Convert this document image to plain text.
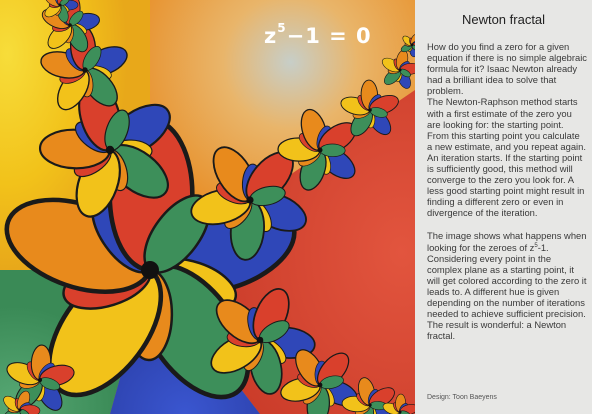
$z^5-1 = 0$
Newton fractal

How do you find a zero for a given equation if there is no simple algebraic formula for it? Isaac Newton already had a brilliant idea to solve that problem.

The Newton-Raphson method starts with a first estimate of the zero you are looking for: the starting point. From this starting point you calculate a new estimate, and you repeat again. An iteration starts. If the starting point is sufficiently good, this method will converge to the zero you look for. A less good starting point might result in finding a different zero or even in divergence of the iteration.

The image shows what happens when looking for the zeroes of $z^5-1$. Considering every point in the complex plane as a starting point, it will get colored according to the zero it leads to. A different hue is given depending on the number of iterations needed to achieve sufficient precision.

The result is wonderful: a Newton fractal.

Design: Toon Baeyens
